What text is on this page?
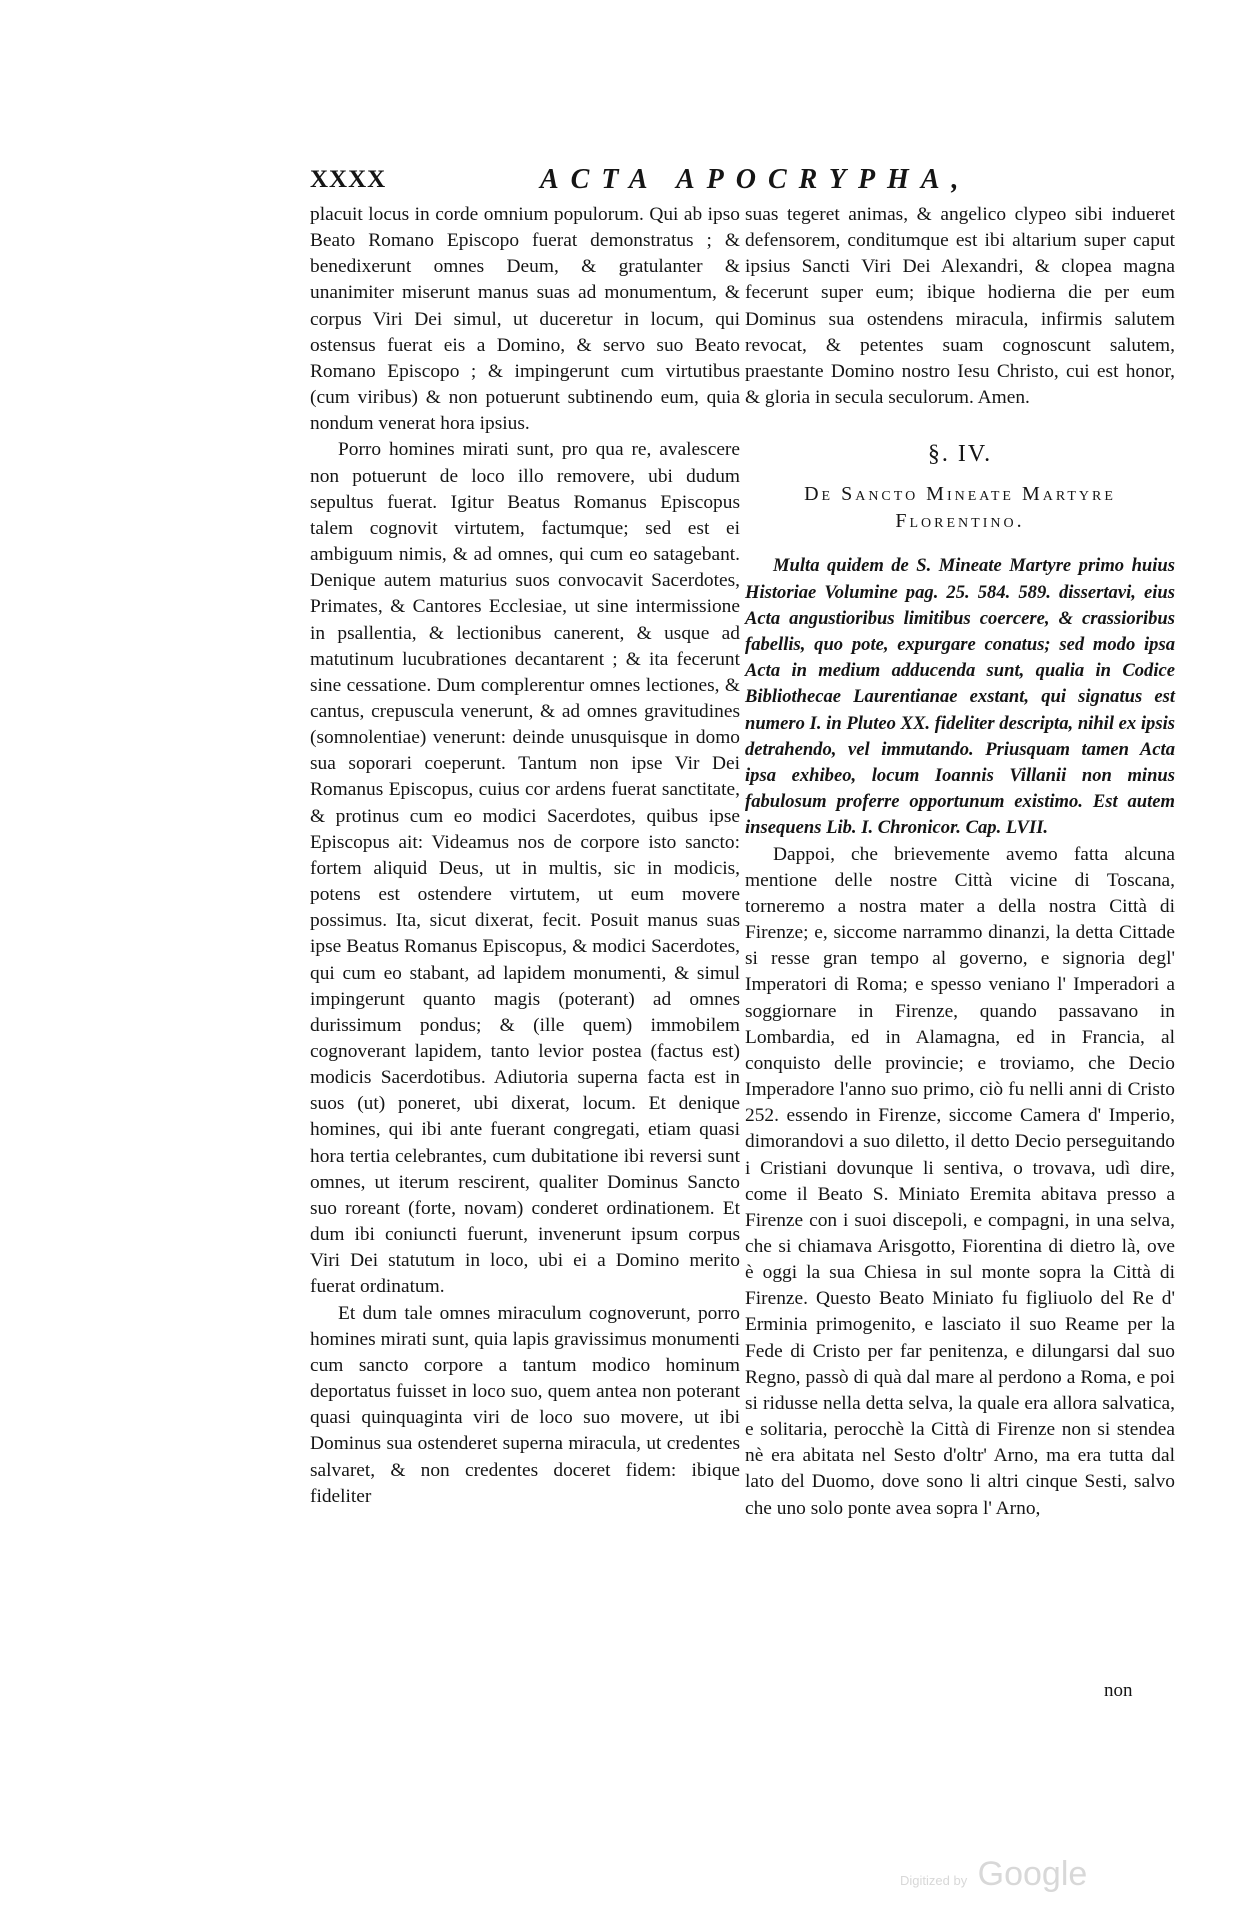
XXXX	ACTA APOCRYPHA,

placuit locus in corde omnium populorum. Qui ab ipso Beato Romano Episcopo fuerat demonstratus ; & benedixerunt omnes Deum, & gratulanter & unanimiter miserunt manus suas ad monumentum, & corpus Viri Dei simul, ut duceretur in locum, qui ostensus fuerat eis a Domino, & servo suo Beato Romano Episcopo ; & impingerunt cum virtutibus (cum viribus) & non potuerunt subtinendo eum, quia nondum venerat hora ipsius.

Porro homines mirati sunt, pro qua re, avalescere non potuerunt de loco illo removere, ubi dudum sepultus fuerat. Igitur Beatus Romanus Episcopus talem cognovit virtutem, factumque; sed est ei ambiguum nimis, & ad omnes, qui cum eo satagebant. Denique autem maturius suos convocavit Sacerdotes, Primates, & Cantores Ecclesiae, ut sine intermissione in psallentia, & lectionibus canerent, & usque ad matutinum lucubrationes decantarent ; & ita fecerunt sine cessatione. Dum complerentur omnes lectiones, & cantus, crepuscula venerunt, & ad omnes gravitudines (somnolentiae) venerunt: deinde unusquisque in domo sua soporari coeperunt. Tantum non ipse Vir Dei Romanus Episcopus, cuius cor ardens fuerat sanctitate, & protinus cum eo modici Sacerdotes, quibus ipse Episcopus ait: Videamus nos de corpore isto sancto: fortem aliquid Deus, ut in multis, sic in modicis, potens est ostendere virtutem, ut eum movere possimus. Ita, sicut dixerat, fecit. Posuit manus suas ipse Beatus Romanus Episcopus, & modici Sacerdotes, qui cum eo stabant, ad lapidem monumenti, & simul impingerunt quanto magis (poterant) ad omnes durissimum pondus; & (ille quem) immobilem cognoverant lapidem, tanto levior postea (factus est) modicis Sacerdotibus. Adiutoria superna facta est in suos (ut) poneret, ubi dixerat, locum. Et denique homines, qui ibi ante fuerant congregati, etiam quasi hora tertia celebrantes, cum dubitatione ibi reversi sunt omnes, ut iterum rescirent, qualiter Dominus Sancto suo roreant (forte, novam) conderet ordinationem. Et dum ibi coniuncti fuerunt, invenerunt ipsum corpus Viri Dei statutum in loco, ubi ei a Domino merito fuerat ordinatum.

Et dum tale omnes miraculum cognoverunt, porro homines mirati sunt, quia lapis gravissimus monumenti cum sancto corpore a tantum modico hominum deportatus fuisset in loco suo, quem antea non poterant quasi quinquaginta viri de loco suo movere, ut ibi Dominus sua ostenderet superna miracula, ut credentes salvaret, & non credentes doceret fidem: ibique fideliter

suas tegeret animas, & angelico clypeo sibi indueret defensorem, conditumque est ibi altarium super caput ipsius Sancti Viri Dei Alexandri, & clopea magna fecerunt super eum; ibique hodierna die per eum Dominus sua ostendens miracula, infirmis salutem revocat, & petentes suam cognoscunt salutem, praestante Domino nostro Iesu Christo, cui est honor, & gloria in secula seculorum. Amen.

§. IV.
De Sancto Mineate Martyre
Florentino.

Multa quidem de S. Mineate Martyre primo huius Historiae Volumine pag. 25. 584. 589. dissertavi, eius Acta angustioribus limitibus coercere, & crassioribus fabellis, quo pote, expurgare conatus; sed modo ipsa Acta in medium adducenda sunt, qualia in Codice Bibliothecae Laurentianae exstant, qui signatus est numero I. in Pluteo XX. fideliter descripta, nihil ex ipsis detrahendo, vel immutando. Priusquam tamen Acta ipsa exhibeo, locum Ioannis Villanii non minus fabulosum proferre opportunum existimo. Est autem insequens Lib. I. Chronicor. Cap. LVII.

Dappoi, che brievemente avemo fatta alcuna mentione delle nostre Città vicine di Toscana, torneremo a nostra mater a della nostra Città di Firenze; e, siccome narrammo dinanzi, la detta Cittade si resse gran tempo al governo, e signoria degl' Imperatori di Roma; e spesso veniano l' Imperadori a soggiornare in Firenze, quando passavano in Lombardia, ed in Alamagna, ed in Francia, al conquisto delle provincie; e troviamo, che Decio Imperadore l'anno suo primo, ciò fu nelli anni di Cristo 252. essendo in Firenze, siccome Camera d' Imperio, dimorandovi a suo diletto, il detto Decio perseguitando i Cristiani dovunque li sentiva, o trovava, udì dire, come il Beato S. Miniato Eremita abitava presso a Firenze con i suoi discepoli, e compagni, in una selva, che si chiamava Arisgotto, Fiorentina di dietro là, ove è oggi la sua Chiesa in sul monte sopra la Città di Firenze. Questo Beato Miniato fu figliuolo del Re d' Erminia primogenito, e lasciato il suo Reame per la Fede di Cristo per far penitenza, e dilungarsi dal suo Regno, passò di quà dal mare al perdono a Roma, e poi si ridusse nella detta selva, la quale era allora salvatica, e solitaria, perocchè la Città di Firenze non si stendea nè era abitata nel Sesto d'oltr' Arno, ma era tutta dal lato del Duomo, dove sono li altri cinque Sesti, salvo che uno solo ponte avea sopra l' Arno,

non
Digitized by Google
